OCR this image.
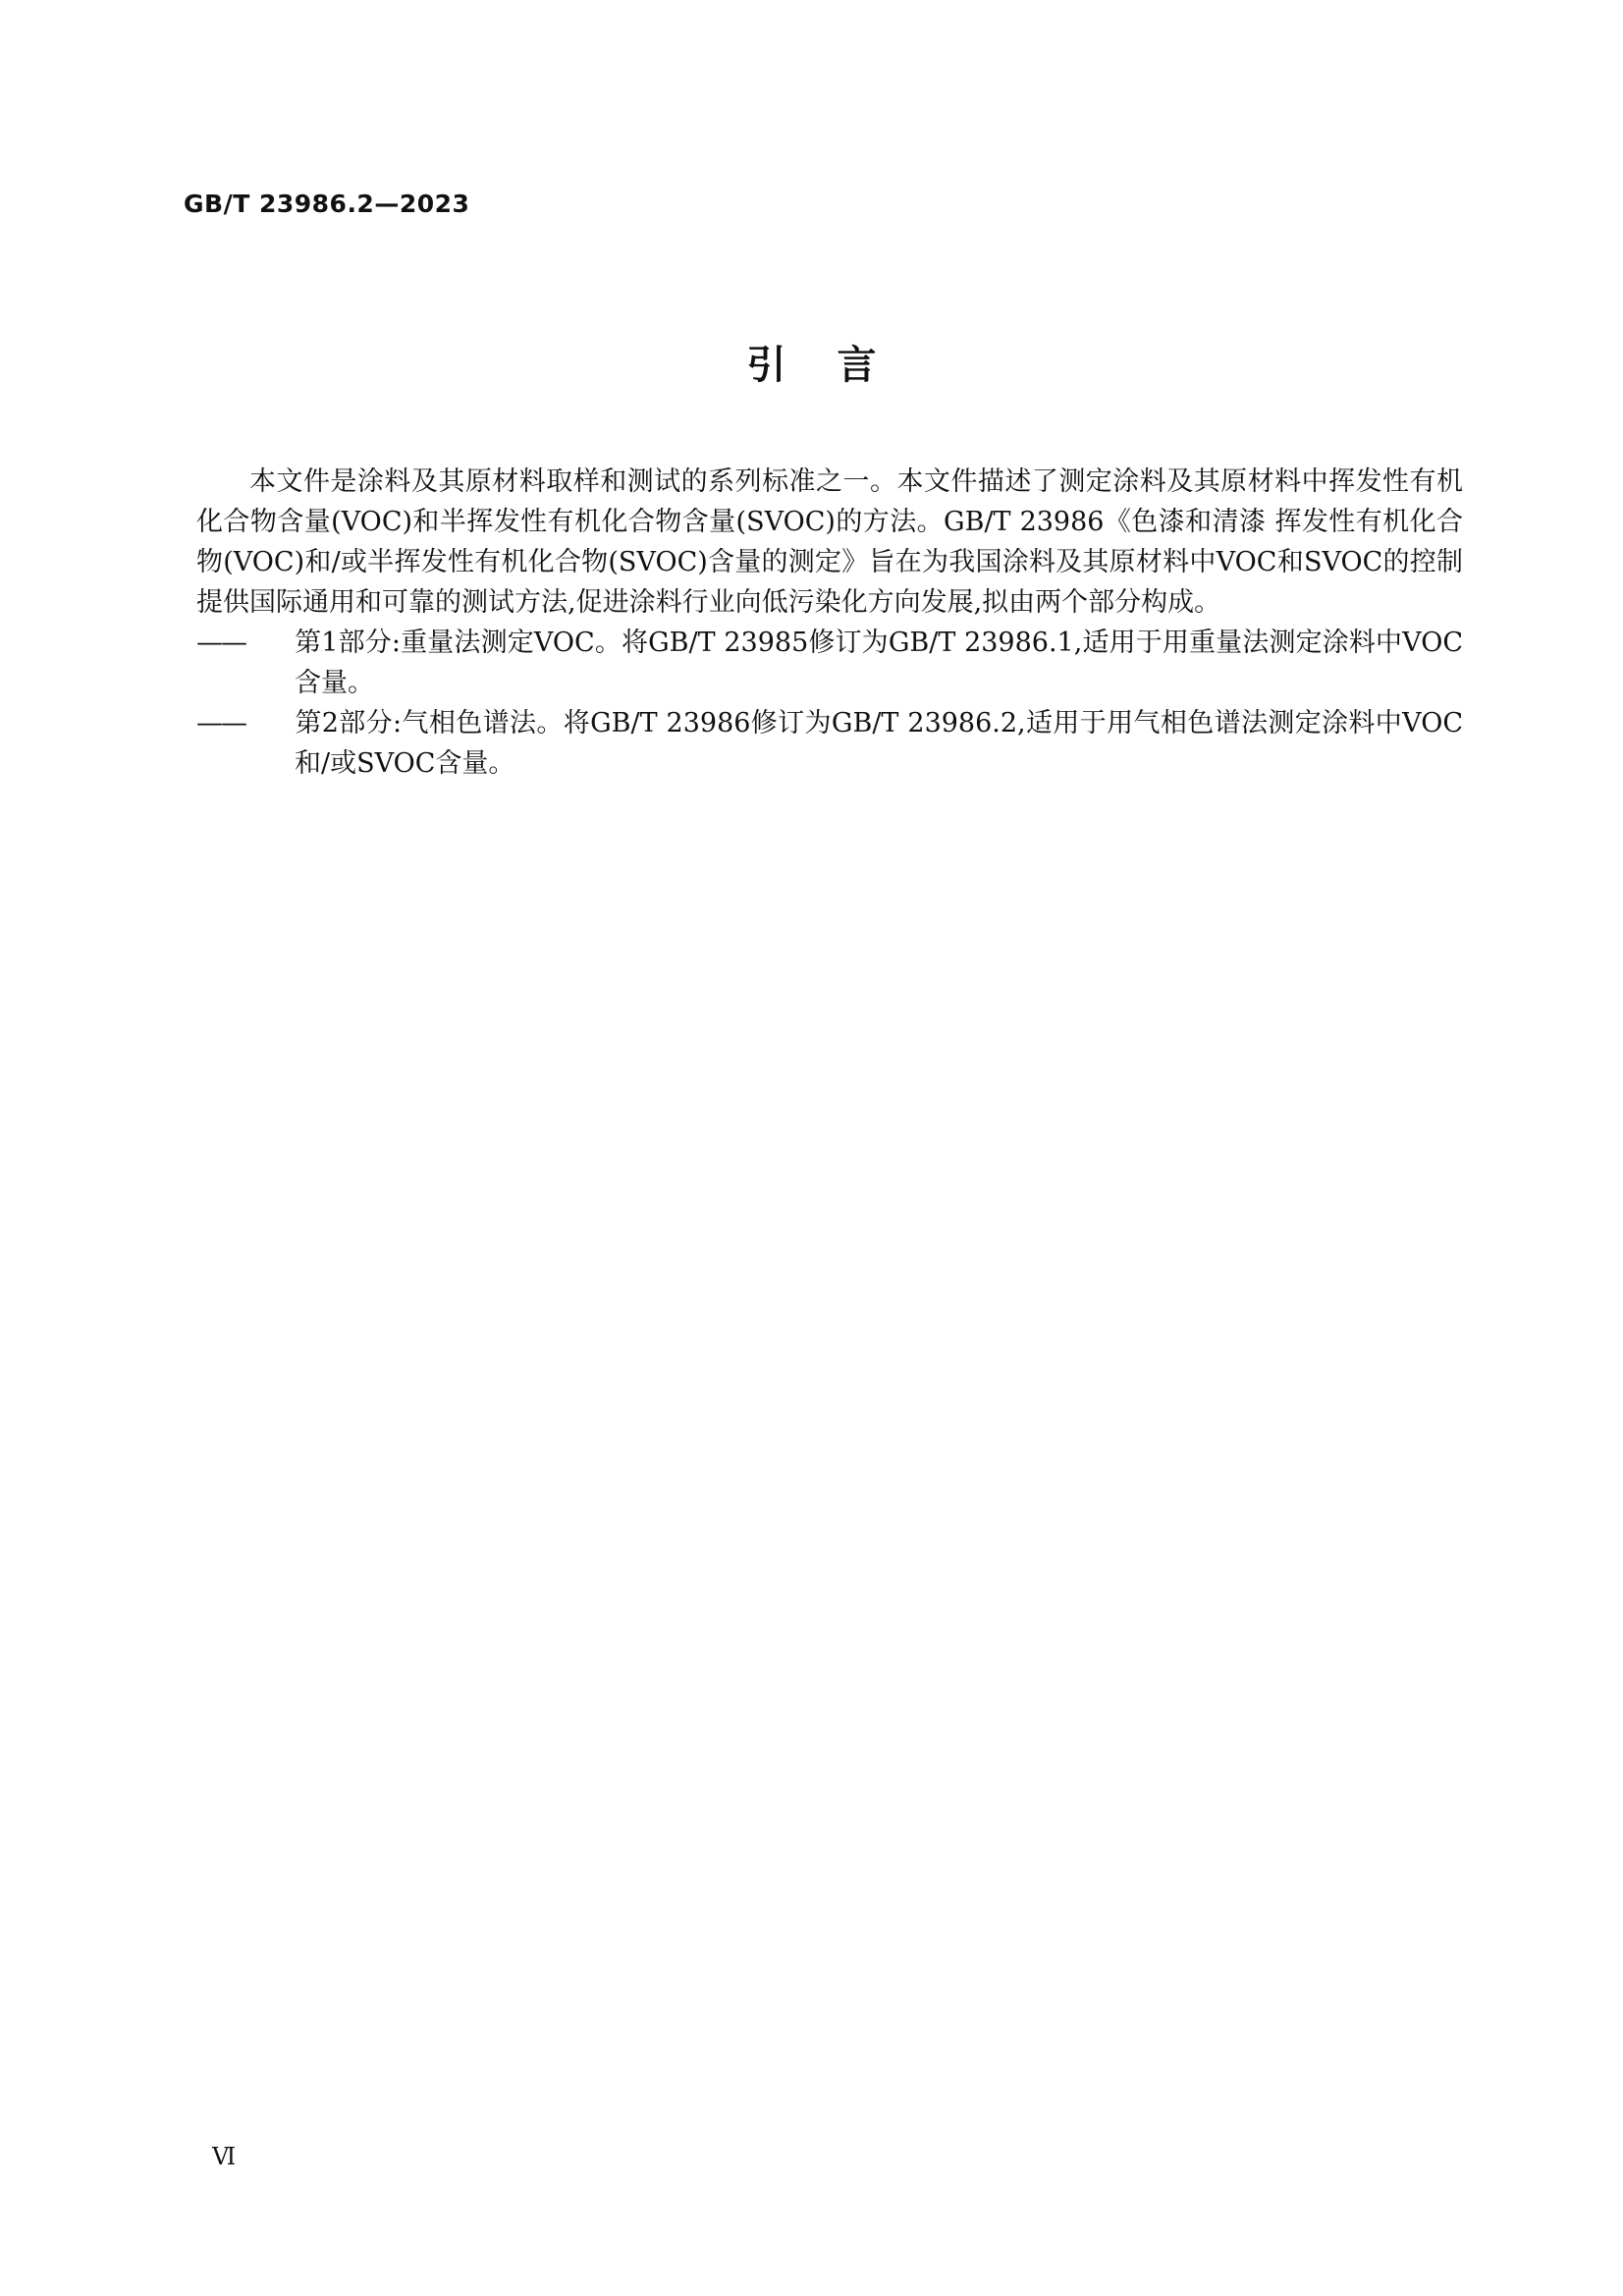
GB/T 23986.2—2023
引言

本文件是涂料及其原材料取样和测试的系列标准之一。本文件描述了测定涂料及其原材料中挥发性有机化合物含量(VOC)和半挥发性有机化合物含量(SVOC)的方法。GB/T 23986《色漆和清漆 挥发性有机化合物(VOC)和/或半挥发性有机化合物(SVOC)含量的测定》旨在为我国涂料及其原材料中VOC和SVOC的控制提供国际通用和可靠的测试方法,促进涂料行业向低污染化方向发展,拟由两个部分构成。

—— 第1部分:重量法测定VOC。将GB/T 23985修订为GB/T 23986.1,适用于用重量法测定涂料中VOC含量。

—— 第2部分:气相色谱法。将GB/T 23986修订为GB/T 23986.2,适用于用气相色谱法测定涂料中VOC和/或SVOC含量。

Ⅵ
